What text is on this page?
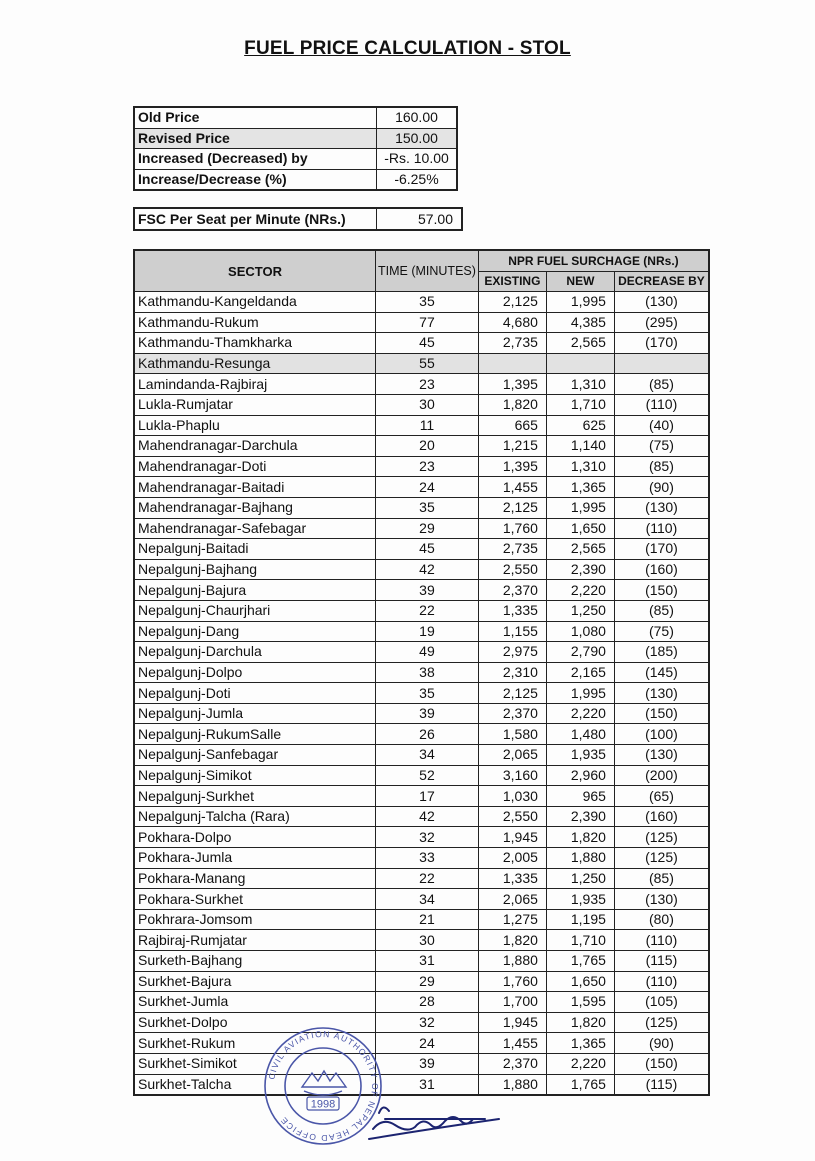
FUEL PRICE CALCULATION - STOL
Old Price	160.00
Revised Price	150.00
Increased (Decreased) by	-Rs. 10.00
Increase/Decrease (%)	-6.25%
FSC Per Seat per Minute (NRs.)	57.00
SECTOR	TIME (MINUTES)	NPR FUEL SURCHAGE (NRs.)		
		EXISTING	NEW	DECREASE BY
Kathmandu-Kangeldanda	35	2,125	1,995	(130)
Kathmandu-Rukum	77	4,680	4,385	(295)
Kathmandu-Thamkharka	45	2,735	2,565	(170)
Kathmandu-Resunga	55			
Lamindanda-Rajbiraj	23	1,395	1,310	(85)
Lukla-Rumjatar	30	1,820	1,710	(110)
Lukla-Phaplu	11	665	625	(40)
Mahendranagar-Darchula	20	1,215	1,140	(75)
Mahendranagar-Doti	23	1,395	1,310	(85)
Mahendranagar-Baitadi	24	1,455	1,365	(90)
Mahendranagar-Bajhang	35	2,125	1,995	(130)
Mahendranagar-Safebagar	29	1,760	1,650	(110)
Nepalgunj-Baitadi	45	2,735	2,565	(170)
Nepalgunj-Bajhang	42	2,550	2,390	(160)
Nepalgunj-Bajura	39	2,370	2,220	(150)
Nepalgunj-Chaurjhari	22	1,335	1,250	(85)
Nepalgunj-Dang	19	1,155	1,080	(75)
Nepalgunj-Darchula	49	2,975	2,790	(185)
Nepalgunj-Dolpo	38	2,310	2,165	(145)
Nepalgunj-Doti	35	2,125	1,995	(130)
Nepalgunj-Jumla	39	2,370	2,220	(150)
Nepalgunj-RukumSalle	26	1,580	1,480	(100)
Nepalgunj-Sanfebagar	34	2,065	1,935	(130)
Nepalgunj-Simikot	52	3,160	2,960	(200)
Nepalgunj-Surkhet	17	1,030	965	(65)
Nepalgunj-Talcha (Rara)	42	2,550	2,390	(160)
Pokhara-Dolpo	32	1,945	1,820	(125)
Pokhara-Jumla	33	2,005	1,880	(125)
Pokhara-Manang	22	1,335	1,250	(85)
Pokhara-Surkhet	34	2,065	1,935	(130)
Pokhrara-Jomsom	21	1,275	1,195	(80)
Rajbiraj-Rumjatar	30	1,820	1,710	(110)
Surketh-Bajhang	31	1,880	1,765	(115)
Surkhet-Bajura	29	1,760	1,650	(110)
Surkhet-Jumla	28	1,700	1,595	(105)
Surkhet-Dolpo	32	1,945	1,820	(125)
Surkhet-Rukum	24	1,455	1,365	(90)
Surkhet-Simikot	39	2,370	2,220	(150)
Surkhet-Talcha	31	1,880	1,765	(115)
1998
CIVIL AVIATION AUTHORITY OF NEPAL HEAD OFFICE
